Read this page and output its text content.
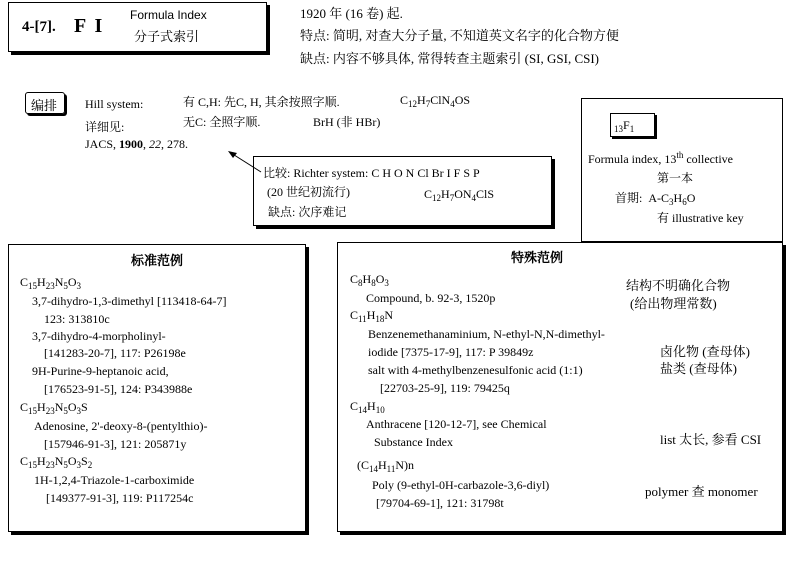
4-[7]. F I Formula Index
分子式索引
1920 年 (16 卷) 起.
特点: 简明, 对查大分子量, 不知道英文名字的化合物方便
缺点: 内容不够具体, 常得转查主题索引 (SI, GSI, CSI)
编排 Hill system:	有 C,H: 先C, H, 其余按照字顺.	$C_{12}H_7ClN_4OS$
详细见:	无C: 全照字顺.	BrH (非 HBr)
JACS, 1900, 22, 278.
比较: Richter system: C H O N Cl Br I F S P
(20 世纪初流行)	$C_{12}H_7ON_4ClS$
缺点: 次序难记
$_{13}F_1$
Formula index, 13th collective
第一本
首期: $A-C_3H_6O$
有 illustrative key
标准范例
$C_{15}H_{23}N_5O_3$
3,7-dihydro-1,3-dimethyl [113418-64-7]
123: 313810c
3,7-dihydro-4-morpholinyl-
[141283-20-7], 117: P26198e
9H-Purine-9-heptanoic acid,
[176523-91-5], 124: P343988e
$C_{15}H_{23}N_5O_3S$
Adenosine, 2'-deoxy-8-(pentylthio)-
[157946-91-3], 121: 205871y
$C_{15}H_{23}N_5O_3S_2$
1H-1,2,4-Triazole-1-carboximide
[149377-91-3], 119: P117254c
特殊范例
$C_8H_8O_3$
Compound, b. 92-3, 1520p
结构不明确化合物
(给出物理常数)
$C_{11}H_{18}N$
Benzenemethanaminium, N-ethyl-N,N-dimethyl-
iodide [7375-17-9], 117: P 39849z
salt with 4-methylbenzenesulfonic acid (1:1)
[22703-25-9], 119: 79425q
卤化物 (查母体)
盐类 (查母体)
$C_{14}H_{10}$
Anthracene [120-12-7], see Chemical
Substance Index	list 太长, 参看 CSI
$(C_{14}H_{11}N)n$
Poly (9-ethyl-0H-carbazole-3,6-diyl)
[79704-69-1], 121: 31798t
polymer 查 monomer
